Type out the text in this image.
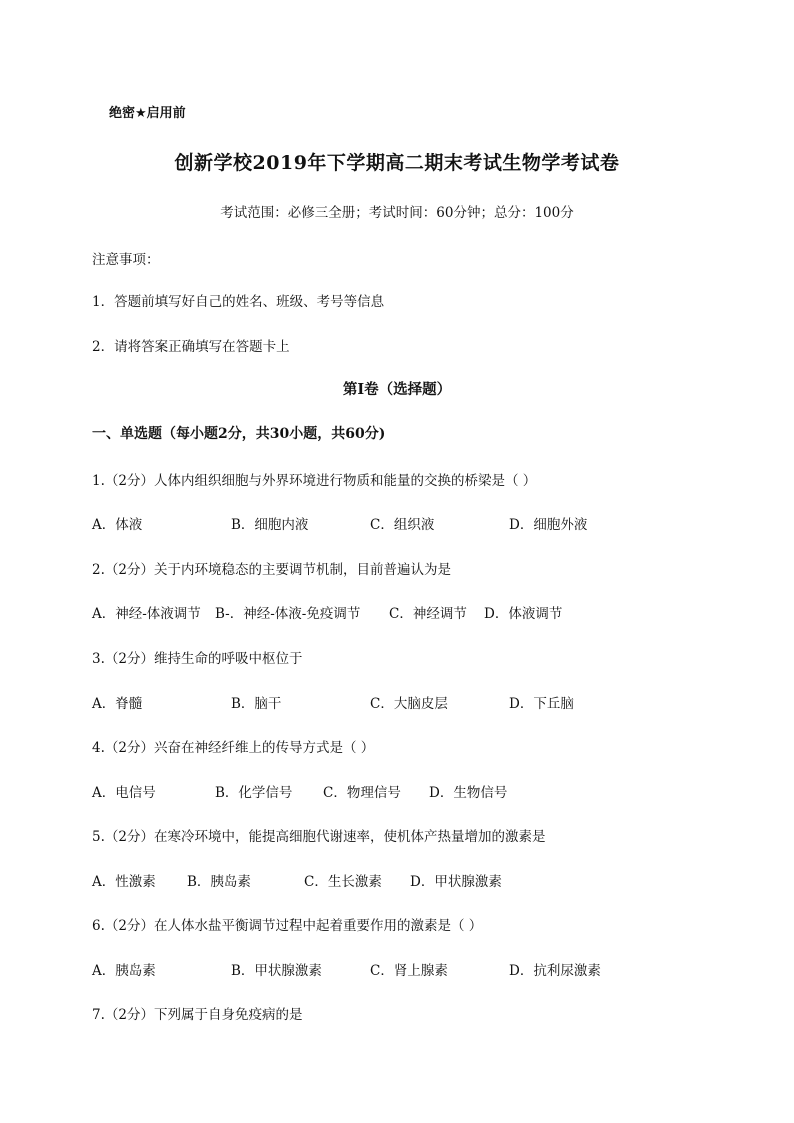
绝密★启用前
创新学校2019年下学期高二期末考试生物学考试卷
考试范围：必修三全册；考试时间：60分钟；总分：100分
注意事项：
1．答题前填写好自己的姓名、班级、考号等信息
2．请将答案正确填写在答题卡上
第I卷（选择题）
一、单选题（每小题2分，共30小题，共60分)
1.（2分）人体内组织细胞与外界环境进行物质和能量的交换的桥梁是（ ）
A．体液	B．细胞内液	C．组织液	D．细胞外液
2.（2分）关于内环境稳态的主要调节机制，目前普遍认为是
A．神经-体液调节 B-．神经-体液-免疫调节 C．神经调节 D．体液调节
3.（2分）维持生命的呼吸中枢位于
A．脊髓	B．脑干	C．大脑皮层	D．下丘脑
4.（2分）兴奋在神经纤维上的传导方式是（ ）
A．电信号	B．化学信号 C．物理信号 D．生物信号
5.（2分）在寒冷环境中，能提高细胞代谢速率，使机体产热量增加的激素是
A．性激素 B．胰岛素	C．生长激素 D．甲状腺激素
6.（2分）在人体水盐平衡调节过程中起着重要作用的激素是（ ）
A．胰岛素	B．甲状腺激素	C．肾上腺素	D．抗利尿激素
7.（2分）下列属于自身免疫病的是
